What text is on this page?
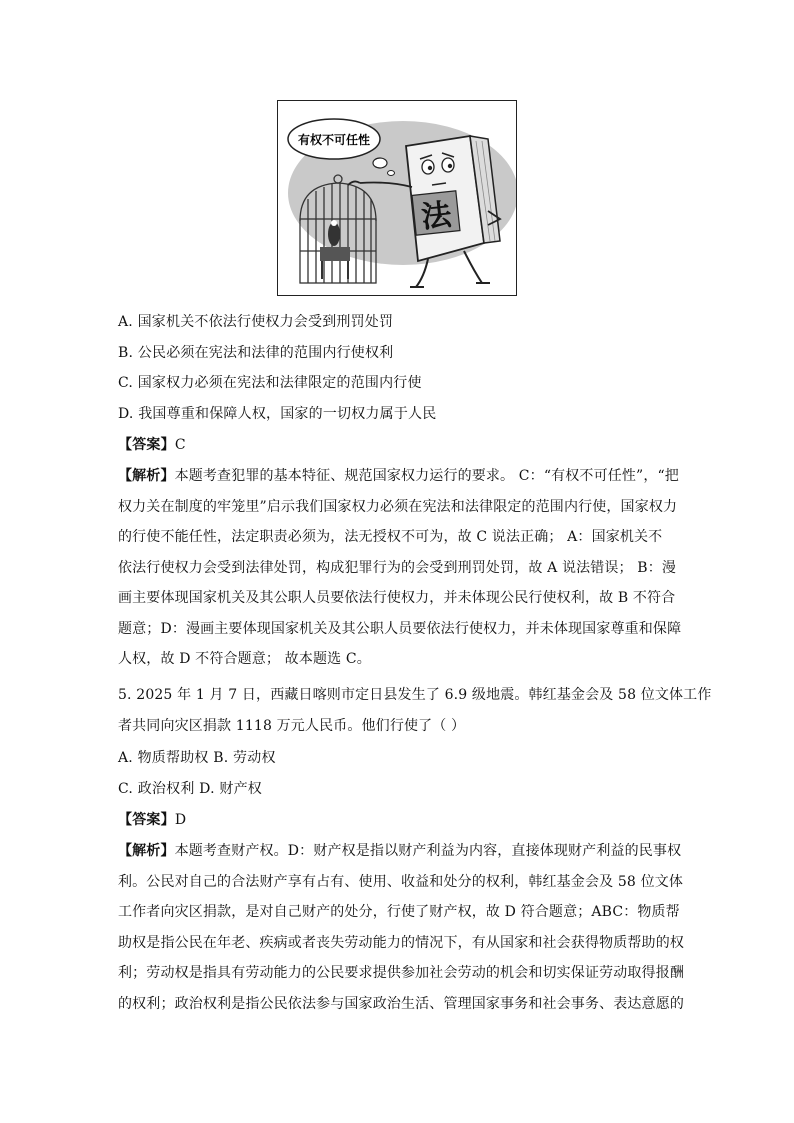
有权不可任性
法
A. 国家机关不依法行使权力会受到刑罚处罚
B. 公民必须在宪法和法律的范围内行使权利
C. 国家权力必须在宪法和法律限定的范围内行使
D. 我国尊重和保障人权，国家的一切权力属于人民
【答案】C
【解析】本题考查犯罪的基本特征、规范国家权力运行的要求。 C：“有权不可任性”，“把
权力关在制度的牢笼里”启示我们国家权力必须在宪法和法律限定的范围内行使，国家权力
的行使不能任性，法定职责必须为，法无授权不可为，故 C 说法正确； A：国家机关不
依法行使权力会受到法律处罚，构成犯罪行为的会受到刑罚处罚，故 A 说法错误； B：漫
画主要体现国家机关及其公职人员要依法行使权力，并未体现公民行使权利，故 B 不符合
题意；D：漫画主要体现国家机关及其公职人员要依法行使权力，并未体现国家尊重和保障
人权，故 D 不符合题意； 故本题选 C。
5. 2025 年 1 月 7 日，西藏日喀则市定日县发生了 6.9 级地震。韩红基金会及 58 位文体工作
者共同向灾区捐款 1118 万元人民币。他们行使了（ ）
A. 物质帮助权 B. 劳动权
C. 政治权利 D. 财产权
【答案】D
【解析】本题考查财产权。D：财产权是指以财产利益为内容，直接体现财产利益的民事权
利。公民对自己的合法财产享有占有、使用、收益和处分的权利，韩红基金会及 58 位文体
工作者向灾区捐款，是对自己财产的处分，行使了财产权，故 D 符合题意；ABC：物质帮
助权是指公民在年老、疾病或者丧失劳动能力的情况下，有从国家和社会获得物质帮助的权
利；劳动权是指具有劳动能力的公民要求提供参加社会劳动的机会和切实保证劳动取得报酬
的权利；政治权利是指公民依法参与国家政治生活、管理国家事务和社会事务、表达意愿的
